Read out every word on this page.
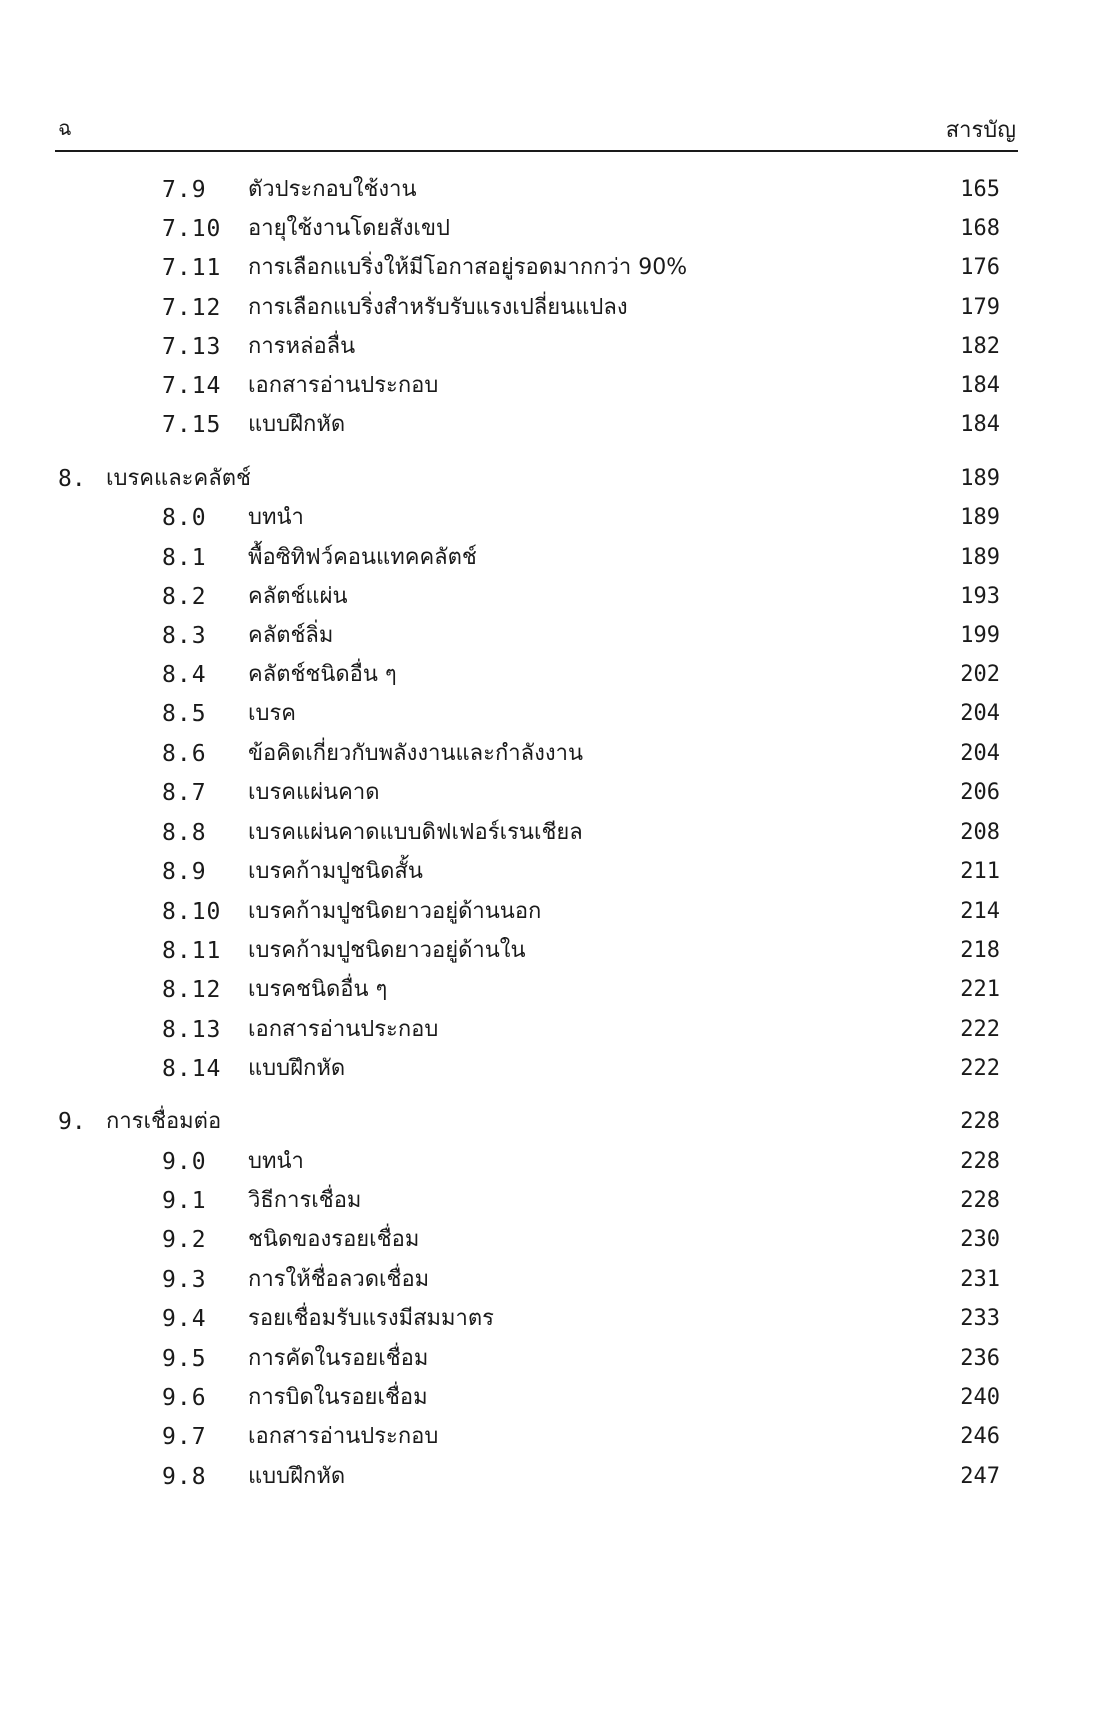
ฉ	สารบัญ
7.9 ตัวประกอบใช้งาน	165
7.10 อายุใช้งานโดยสังเขป	168
7.11 การเลือกแบริ่งให้มีโอกาสอยู่รอดมากกว่า 90%	176
7.12 การเลือกแบริ่งสำหรับรับแรงเปลี่ยนแปลง	179
7.13 การหล่อลื่น	182
7.14 เอกสารอ่านประกอบ	184
7.15 แบบฝึกหัด	184
8. เบรคและคลัตช์	189
8.0 บทนำ	189
8.1 พื้อซิทิฟว์คอนแทคคลัตช์	189
8.2 คลัตช์แผ่น	193
8.3 คลัตช์ลิ่ม	199
8.4 คลัตช์ชนิดอื่น ๆ	202
8.5 เบรค	204
8.6 ข้อคิดเกี่ยวกับพลังงานและกำลังงาน	204
8.7 เบรคแผ่นคาด	206
8.8 เบรคแผ่นคาดแบบดิฟเฟอร์เรนเชียล	208
8.9 เบรคก้ามปูชนิดสั้น	211
8.10 เบรคก้ามปูชนิดยาวอยู่ด้านนอก	214
8.11 เบรคก้ามปูชนิดยาวอยู่ด้านใน	218
8.12 เบรคชนิดอื่น ๆ	221
8.13 เอกสารอ่านประกอบ	222
8.14 แบบฝึกหัด	222
9. การเชื่อมต่อ	228
9.0 บทนำ	228
9.1 วิธีการเชื่อม	228
9.2 ชนิดของรอยเชื่อม	230
9.3 การให้ชื่อลวดเชื่อม	231
9.4 รอยเชื่อมรับแรงมีสมมาตร	233
9.5 การคัดในรอยเชื่อม	236
9.6 การบิดในรอยเชื่อม	240
9.7 เอกสารอ่านประกอบ	246
9.8 แบบฝึกหัด	247
